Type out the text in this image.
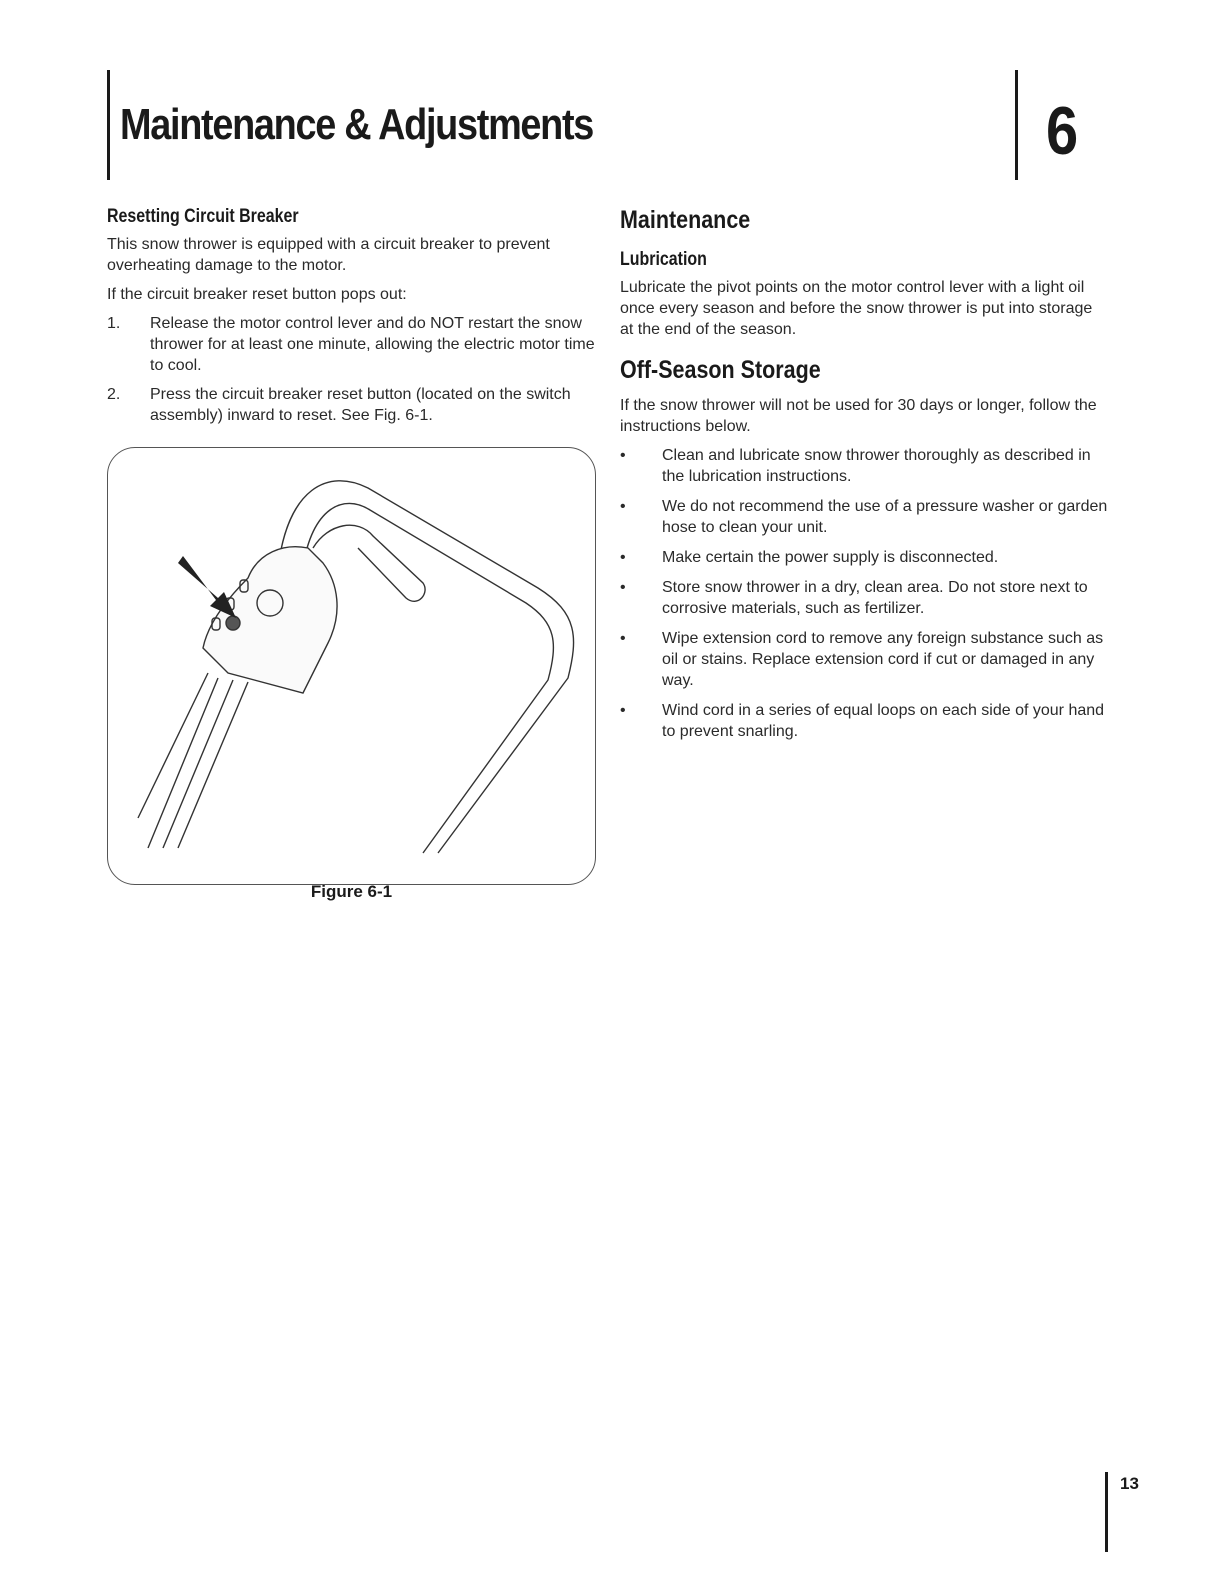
Maintenance & Adjustments	6
Resetting Circuit Breaker

This snow thrower is equipped with a circuit breaker to prevent overheating damage to the motor.

If the circuit breaker reset button pops out:

1. Release the motor control lever and do NOT restart the snow thrower for at least one minute, allowing the electric motor time to cool.
2. Press the circuit breaker reset button (located on the switch assembly) inward to reset. See Fig. 6-1.
Figure 6-1
Maintenance
Lubrication

Lubricate the pivot points on the motor control lever with a light oil once every season and before the snow thrower is put into storage at the end of the season.

Off-Season Storage

If the snow thrower will not be used for 30 days or longer, follow the instructions below.

• Clean and lubricate snow thrower thoroughly as described in the lubrication instructions.
• We do not recommend the use of a pressure washer or garden hose to clean your unit.
• Make certain the power supply is disconnected.
• Store snow thrower in a dry, clean area. Do not store next to corrosive materials, such as fertilizer.
• Wipe extension cord to remove any foreign substance such as oil or stains. Replace extension cord if cut or damaged in any way.
• Wind cord in a series of equal loops on each side of your hand to prevent snarling.
13
